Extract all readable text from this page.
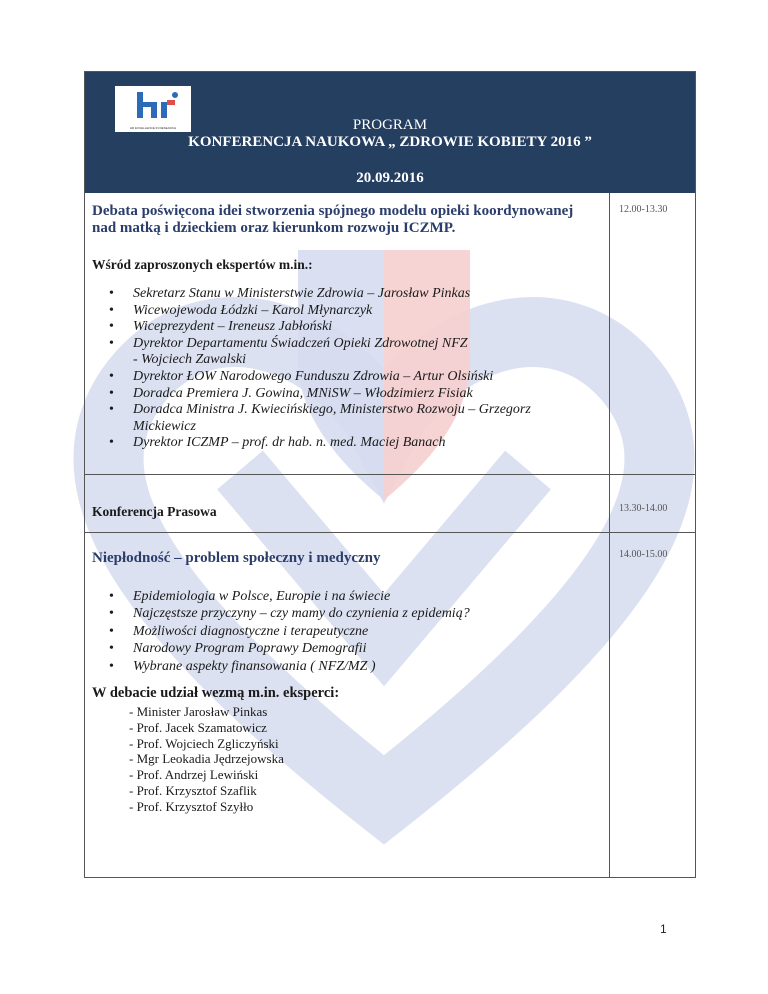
HR EXCELLENCE IN RESEARCH	PROGRAM
KONFERENCJA NAUKOWA „ ZDROWIE KOBIETY 2016 ”
20.09.2016
12.00-13.30
Debata poświęcona idei stworzenia spójnego modelu opieki koordynowanej
nad matką i dzieckiem oraz kierunkom rozwoju ICZMP.
Wśród zaproszonych ekspertów m.in.:
• Sekretarz Stanu w Ministerstwie Zdrowia – Jarosław Pinkas
• Wicewojewoda Łódzki – Karol Młynarczyk
• Wiceprezydent – Ireneusz Jabłoński
• Dyrektor Departamentu Świadczeń Opieki Zdrowotnej NFZ
- Wojciech Zawalski
• Dyrektor ŁOW Narodowego Funduszu Zdrowia – Artur Olsiński
• Doradca Premiera J. Gowina, MNiSW – Włodzimierz Fisiak
• Doradca Ministra J. Kwiecińskiego, Ministerstwo Rozwoju – Grzegorz
Mickiewicz
• Dyrektor ICZMP – prof. dr hab. n. med. Maciej Banach
13.30-14.00
Konferencja Prasowa
14.00-15.00
Niepłodność – problem społeczny i medyczny
• Epidemiologia w Polsce, Europie i na świecie
• Najczęstsze przyczyny – czy mamy do czynienia z epidemią?
• Możliwości diagnostyczne i terapeutyczne
• Narodowy Program Poprawy Demografii
• Wybrane aspekty finansowania ( NFZ/MZ )
W debacie udział wezmą m.in. eksperci:
- Minister Jarosław Pinkas
- Prof. Jacek Szamatowicz
- Prof. Wojciech Zgliczyński
- Mgr Leokadia Jędrzejowska
- Prof. Andrzej Lewiński
- Prof. Krzysztof Szaflik
- Prof. Krzysztof Szyłło
1
